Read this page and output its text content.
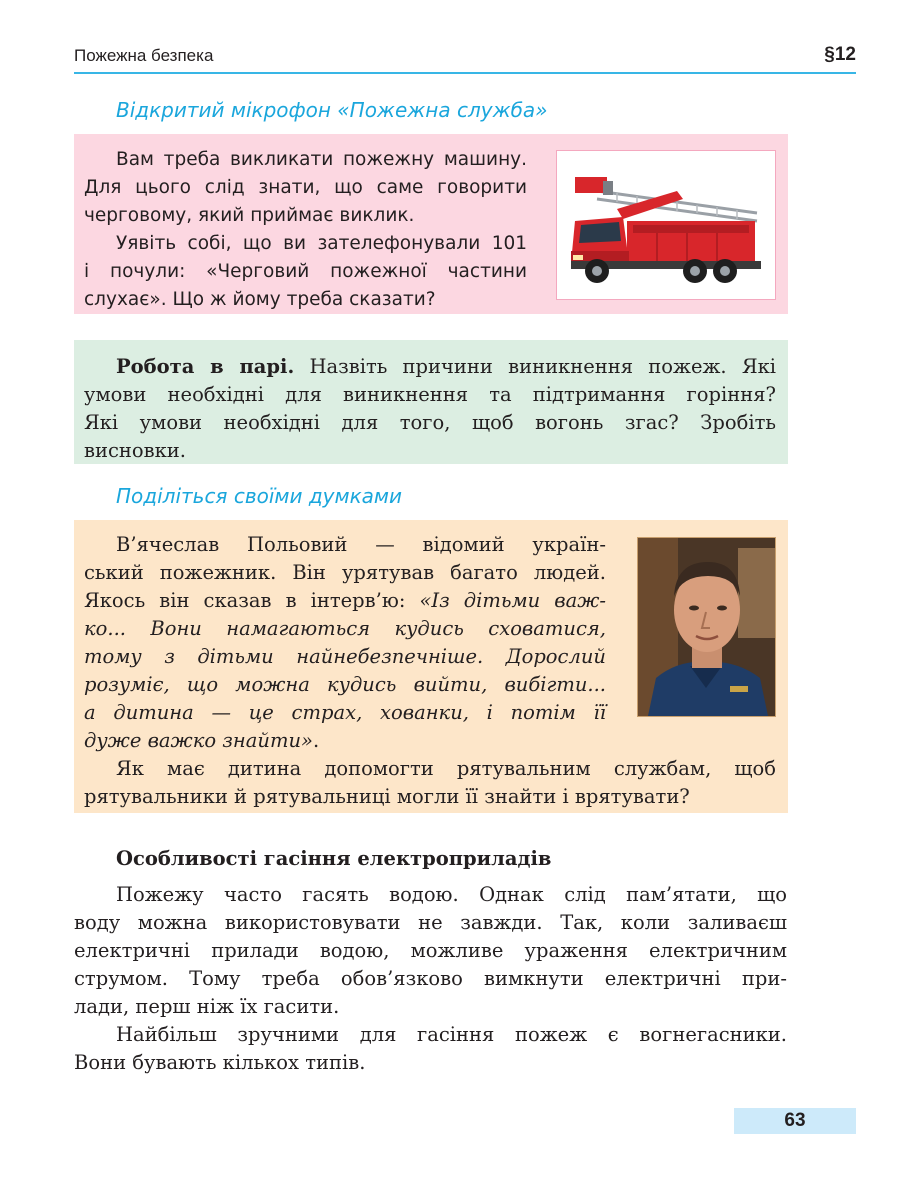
Пожежна безпека	§12
Відкритий мікрофон «Пожежна служба»
Вам треба викликати пожежну машину.
Для цього слід знати, що саме говорити
черговому, який приймає виклик.
Уявіть собі, що ви зателефонували 101
і почули: «Черговий пожежної частини
слухає». Що ж йому треба сказати?
Робота в парі. Назвіть причини виникнення пожеж. Які
умови необхідні для виникнення та підтримання горіння?
Які умови необхідні для того, щоб вогонь згас? Зробіть
висновки.
Поділіться своїми думками
В’ячеслав Польовий — відомий україн-
ський пожежник. Він урятував багато людей.
Якось він сказав в інтерв’ю: «Із дітьми важ-
ко... Вони намагаються кудись сховатися,
тому з дітьми найнебезпечніше. Дорослий
розуміє, що можна кудись вийти, вибігти...
а дитина — це страх, хованки, і потім її
дуже важко знайти».
Як має дитина допомогти рятувальним службам, щоб
рятувальники й рятувальниці могли її знайти і врятувати?
Особливості гасіння електроприладів
Пожежу часто гасять водою. Однак слід пам’ятати, що
воду можна використовувати не завжди. Так, коли заливаєш
електричні прилади водою, можливе ураження електричним
струмом. Тому треба обов’язково вимкнути електричні при-
лади, перш ніж їх гасити.
Найбільш зручними для гасіння пожеж є вогнегасники.
Вони бувають кількох типів.
63
